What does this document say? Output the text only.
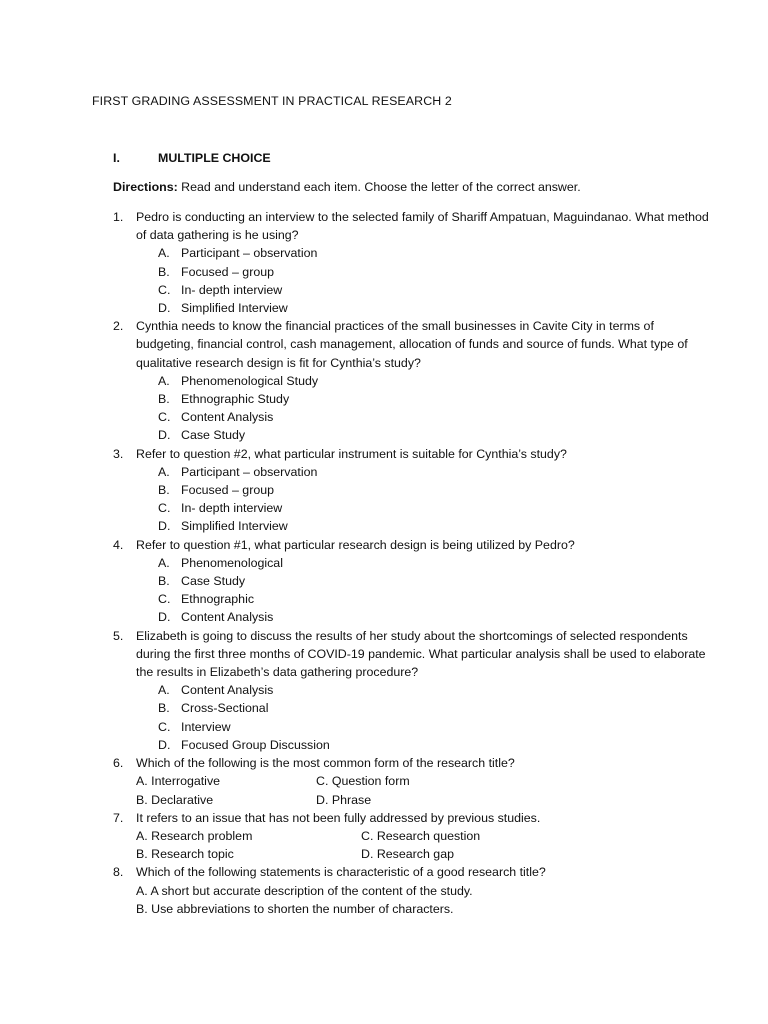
FIRST GRADING ASSESSMENT IN PRACTICAL RESEARCH 2
I.	MULTIPLE CHOICE
Directions: Read and understand each item. Choose the letter of the correct answer.
1. Pedro is conducting an interview to the selected family of Shariff Ampatuan, Maguindanao. What method of data gathering is he using?
A. Participant – observation
B. Focused – group
C. In- depth interview
D. Simplified Interview
2. Cynthia needs to know the financial practices of the small businesses in Cavite City in terms of budgeting, financial control, cash management, allocation of funds and source of funds. What type of qualitative research design is fit for Cynthia’s study?
A. Phenomenological Study
B. Ethnographic Study
C. Content Analysis
D. Case Study
3. Refer to question #2, what particular instrument is suitable for Cynthia’s study?
A. Participant – observation
B. Focused – group
C. In- depth interview
D. Simplified Interview
4. Refer to question #1, what particular research design is being utilized by Pedro?
A. Phenomenological
B. Case Study
C. Ethnographic
D. Content Analysis
5. Elizabeth is going to discuss the results of her study about the shortcomings of selected respondents during the first three months of COVID-19 pandemic. What particular analysis shall be used to elaborate the results in Elizabeth’s data gathering procedure?
A. Content Analysis
B. Cross-Sectional
C. Interview
D. Focused Group Discussion
6. Which of the following is the most common form of the research title?
A. Interrogative	C. Question form
B. Declarative	D. Phrase
7. It refers to an issue that has not been fully addressed by previous studies.
A. Research problem	C. Research question
B. Research topic	D. Research gap
8. Which of the following statements is characteristic of a good research title?
A. A short but accurate description of the content of the study.
B. Use abbreviations to shorten the number of characters.
